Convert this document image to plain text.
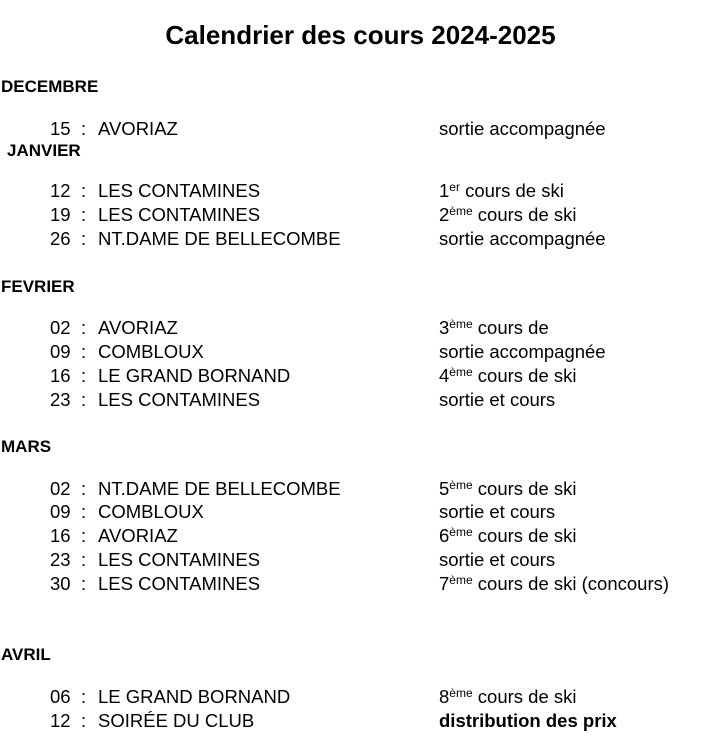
Calendrier des cours 2024-2025
DECEMBRE
15 : AVORIAZ	sortie accompagnée
JANVIER
12 : LES CONTAMINES	1er cours de ski
19 : LES CONTAMINES	2ème cours de ski
26 : NT.DAME DE BELLECOMBE	sortie accompagnée
FEVRIER
02 : AVORIAZ	3ème cours de
09 : COMBLOUX	sortie accompagnée
16 : LE GRAND BORNAND	4ème cours de ski
23 : LES CONTAMINES	sortie et cours
MARS
02 : NT.DAME DE BELLECOMBE	5ème cours de ski
09 : COMBLOUX	sortie et cours
16 : AVORIAZ	6ème cours de ski
23 : LES CONTAMINES	sortie et cours
30 : LES CONTAMINES	7ème cours de ski (concours)
AVRIL
06 : LE GRAND BORNAND	8ème cours de ski
12 : SOIRÉE DU CLUB	distribution des prix
